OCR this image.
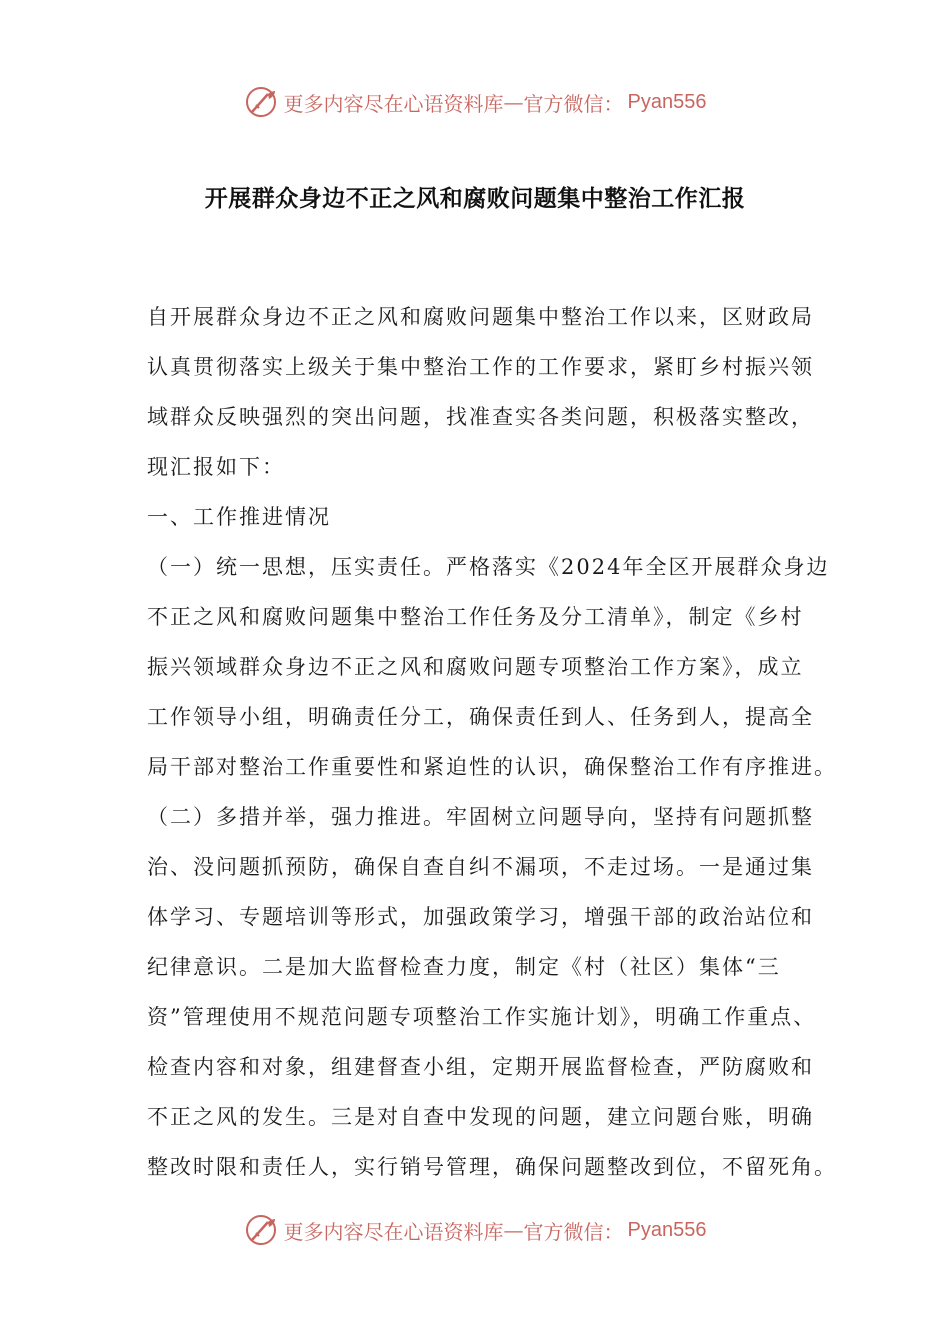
更多内容尽在心语资料库 — 官方微信： Pyan556
开展群众身边不正之风和腐败问题集中整治工作汇报
自开展群众身边不正之风和腐败问题集中整治工作以来，区财政局
认真贯彻落实上级关于集中整治工作的工作要求，紧盯乡村振兴领
域群众反映强烈的突出问题，找准查实各类问题，积极落实整改，
现汇报如下：
一、工作推进情况
（一）统一思想，压实责任。严格落实《2024年全区开展群众身边
不正之风和腐败问题集中整治工作任务及分工清单》，制定《乡村
振兴领域群众身边不正之风和腐败问题专项整治工作方案》，成立
工作领导小组，明确责任分工，确保责任到人、任务到人，提高全
局干部对整治工作重要性和紧迫性的认识，确保整治工作有序推进。
（二）多措并举，强力推进。牢固树立问题导向，坚持有问题抓整
治、没问题抓预防，确保自查自纠不漏项，不走过场。一是通过集
体学习、专题培训等形式，加强政策学习，增强干部的政治站位和
纪律意识。二是加大监督检查力度，制定《村（社区）集体“三
资”管理使用不规范问题专项整治工作实施计划》，明确工作重点、
检查内容和对象，组建督查小组，定期开展监督检查，严防腐败和
不正之风的发生。三是对自查中发现的问题，建立问题台账，明确
整改时限和责任人，实行销号管理，确保问题整改到位，不留死角。
更多内容尽在心语资料库 — 官方微信： Pyan556
